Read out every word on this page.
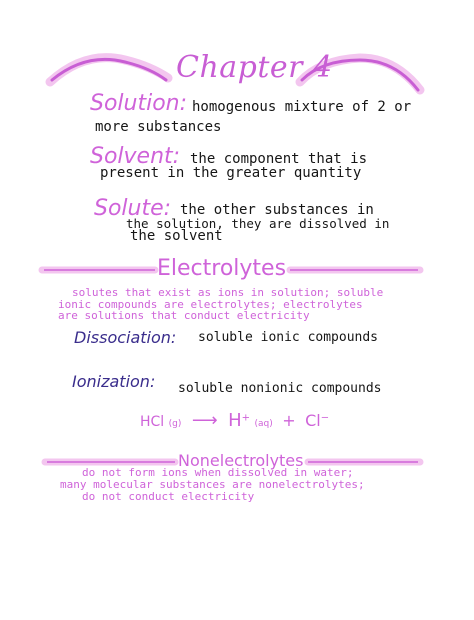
Chapter 4
Solution: homogenous mixture of 2 or
more substances
Solvent: the component that is
present in the greater quantity
Solute: the other substances in
the solution, they are dissolved in
the solvent
Electrolytes
solutes that exist as ions in solution; soluble
ionic compounds are electrolytes; electrolytes
are solutions that conduct electricity
Dissociation: soluble ionic compounds
Ionization: soluble nonionic compounds
HCl (g) ⟶ H+ (aq) + Cl−
Nonelectrolytes
do not form ions when dissolved in water;
many molecular substances are nonelectrolytes;
do not conduct electricity
